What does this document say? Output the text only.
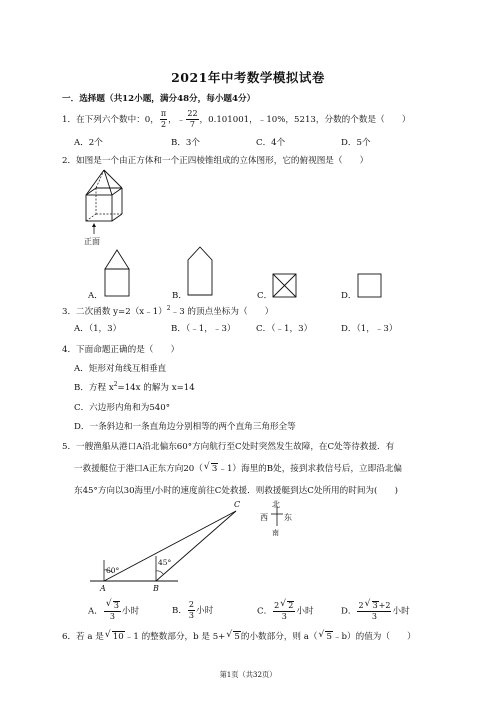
2021年中考数学模拟试卷
一．选择题（共12小题，满分48分，每小题4分）
1．在下列六个数中：0， $\frac{\pi}{2}$ ，﹣ $\frac{22}{7}$ ，0.101001，﹣10%，5213，分数的个数是（　　）
A．2个	B．3个	C．4个	D．5个
2．如图是一个由正方体和一个正四棱锥组成的立体图形，它的俯视图是（　　）
正面
A．	B．	C．	D．
3．二次函数 y=2（x﹣1）$^2$﹣3 的顶点坐标为（　　）
A．（1，3）	B．（﹣1，﹣3） C．（﹣1，3）	D．（1，﹣3）
4．下面命题正确的是（　　）
A．矩形对角线互相垂直
B．方程 $x^2=14x$ 的解为 x=14
C．六边形内角和为540°
D．一条斜边和一条直角边分别相等的两个直角三角形全等
5．一艘渔船从港口A沿北偏东60°方向航行至C处时突然发生故障，在C处等待救援．有
一救援艇位于港口A正东方向20（ √ 3﹣1）海里的B处，接到求救信号后，立即沿北偏
东45°方向以30海里/小时的速度前往C处救援．则救援艇到达C处所用的时间为(　　)
C
A	B
60°
45°
北
南
西 东
A． √ $\frac{3}{3}$ 小时	B． $\frac{2}{3}$ 小时	C． $\frac{2 √ 2}{3}$ 小时	D． $\frac{2 √ 3+2}{3}$ 小时
6．若 a 是 √ 10﹣1 的整数部分，b 是 5+ √ 5的小数部分，则 a（ √ 5﹣b）的值为（　　）
第1页（共32页）
